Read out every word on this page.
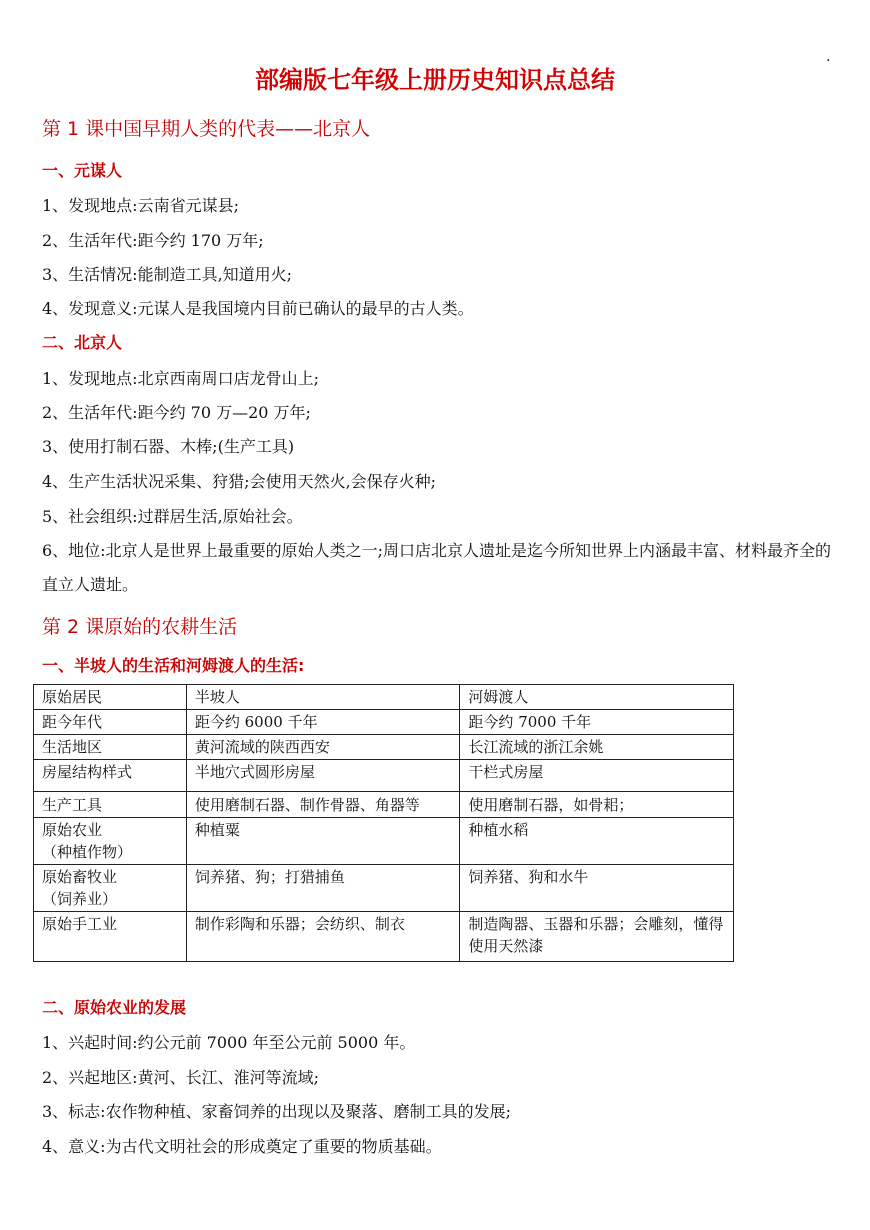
.
部编版七年级上册历史知识点总结
第 1 课中国早期人类的代表——北京人
一、元谋人

1、发现地点:云南省元谋县;

2、生活年代:距今约 170 万年;

3、生活情况:能制造工具,知道用火;

4、发现意义:元谋人是我国境内目前已确认的最早的古人类。

二、北京人

1、发现地点:北京西南周口店龙骨山上;

2、生活年代:距今约 70 万—20 万年;

3、使用打制石器、木棒;(生产工具)

4、生产生活状况采集、狩猎;会使用天然火,会保存火种;

5、社会组织:过群居生活,原始社会。

6、地位:北京人是世界上最重要的原始人类之一;周口店北京人遗址是迄今所知世界上内涵最丰富、材料最齐全的直立人遗址。

第 2 课原始的农耕生活
一、半坡人的生活和河姆渡人的生活:
原始居民	半坡人	河姆渡人
距今年代	距今约 6000 千年	距今约 7000 千年
生活地区	黄河流域的陕西西安	长江流域的浙江余姚
房屋结构样式	半地穴式圆形房屋	干栏式房屋
生产工具	使用磨制石器、制作骨器、角器等	使用磨制石器，如骨耜；
原始农业
（种植作物）	种植粟	种植水稻
原始畜牧业
（饲养业）	饲养猪、狗；打猎捕鱼	饲养猪、狗和水牛
原始手工业	制作彩陶和乐器；会纺织、制衣	制造陶器、玉器和乐器；会雕刻，懂得使用天然漆
二、原始农业的发展

1、兴起时间:约公元前 7000 年至公元前 5000 年。

2、兴起地区:黄河、长江、淮河等流域;

3、标志:农作物种植、家畜饲养的出现以及聚落、磨制工具的发展;

4、意义:为古代文明社会的形成奠定了重要的物质基础。
